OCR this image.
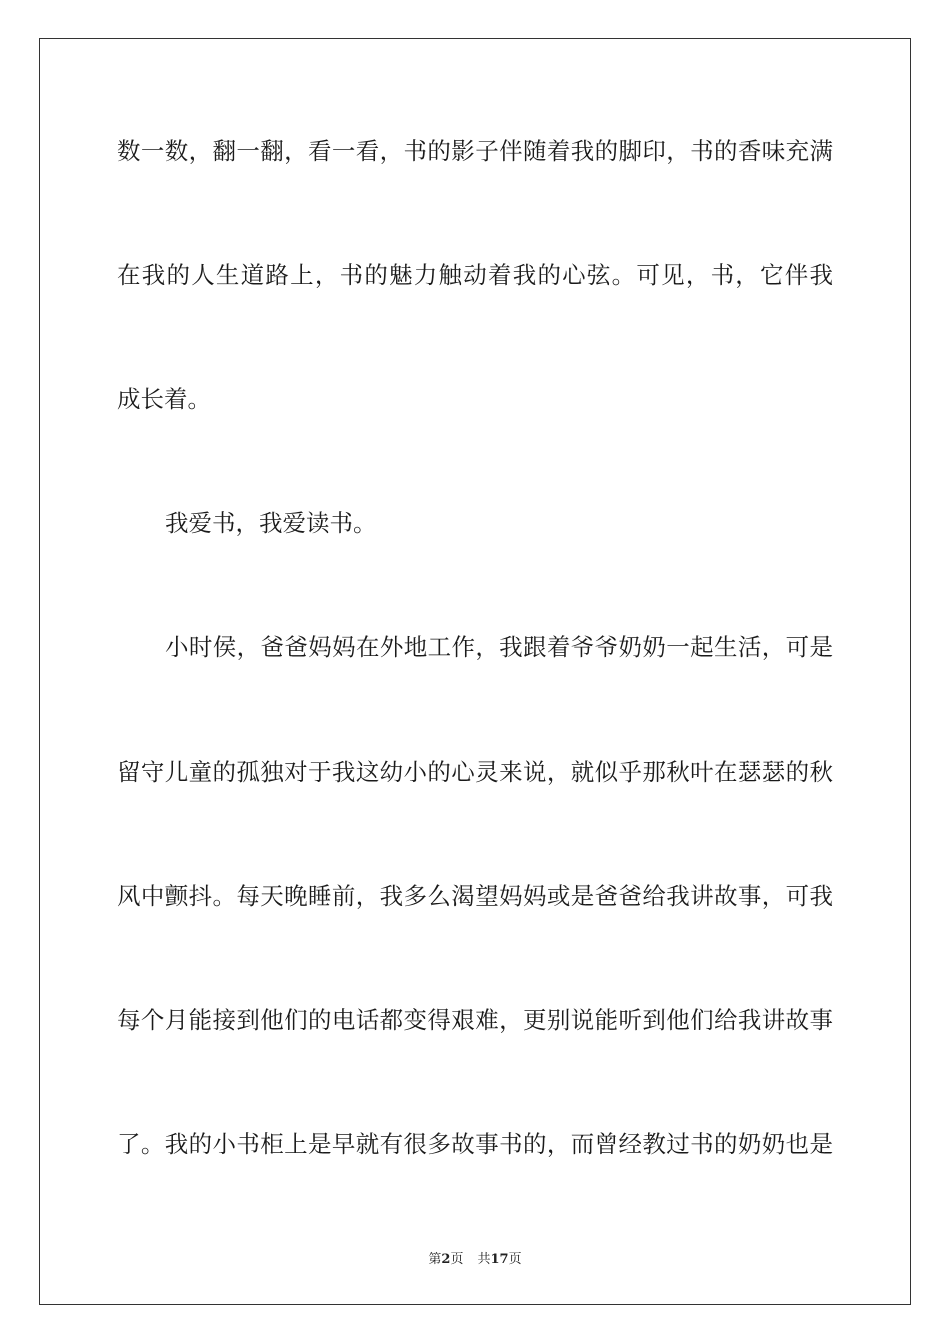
数一数，翻一翻，看一看，书的影子伴随着我的脚印，书的香味充满
在我的人生道路上，书的魅力触动着我的心弦。可见，书，它伴我
成长着。
我爱书，我爱读书。
小时侯，爸爸妈妈在外地工作，我跟着爷爷奶奶一起生活，可是
留守儿童的孤独对于我这幼小的心灵来说，就似乎那秋叶在瑟瑟的秋
风中颤抖。每天晚睡前，我多么渴望妈妈或是爸爸给我讲故事，可我
每个月能接到他们的电话都变得艰难，更别说能听到他们给我讲故事
了。我的小书柜上是早就有很多故事书的，而曾经教过书的奶奶也是
第2页 共17页
